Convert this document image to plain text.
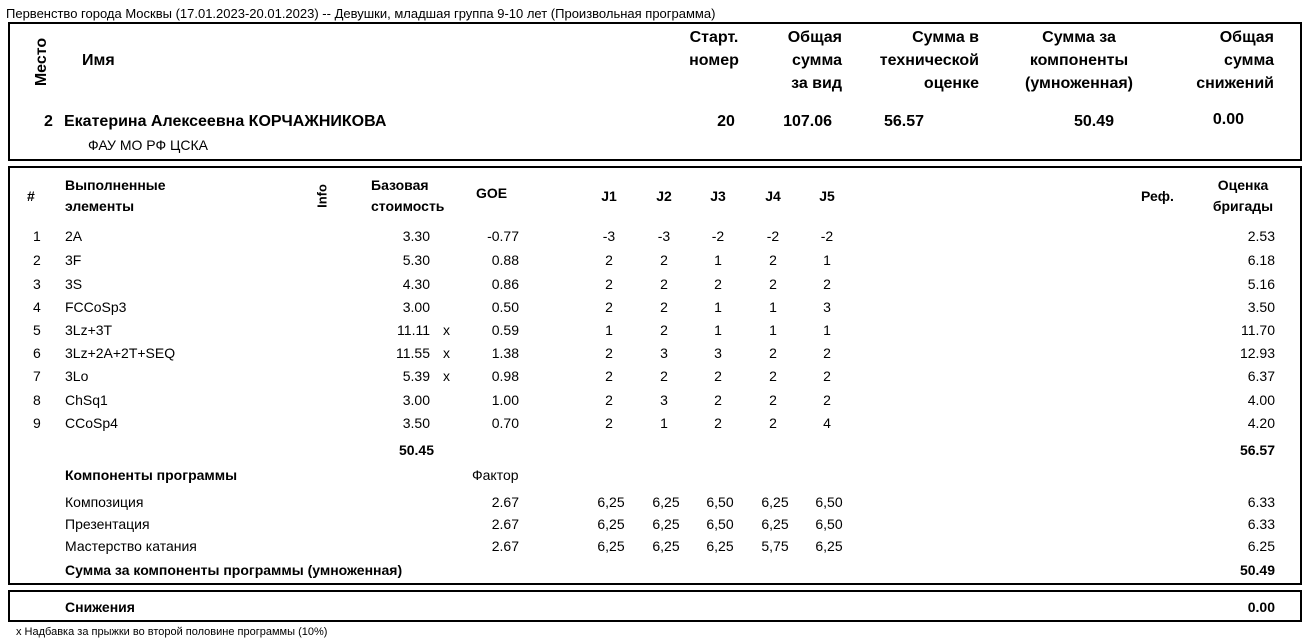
Первенство города Москвы (17.01.2023-20.01.2023) -- Девушки, младшая группа 9-10 лет (Произвольная программа)
Место Имя
Старт.
номер
Общая
сумма
за вид
Сумма в
технической
оценке
Сумма за
компоненты
(умноженная)
Общая
сумма
снижений
2 Екатерина Алексеевна КОРЧАЖНИКОВА
ФАУ МО РФ ЦСКА
20	107.06	56.57	50.49	0.00
#
Выполненные
элементы	Info	Базовая
стоимость
GOE	J1	J2	J3	J4	J5	Реф.
Оценка
бригады
1 2A	3.30	-0.77	-3	-3	-2	-2	-2	2.53
2 3F	5.30	0.88	2	2	1	2	1	6.18
3 3S	4.30	0.86	2	2	2	2	2	5.16
4 FCCoSp3	3.00	0.50	2	2	1	1	3	3.50
5 3Lz+3T	11.11 x	0.59	1	2	1	1	1	11.70
6 3Lz+2A+2T+SEQ	11.55 x	1.38	2	3	3	2	2	12.93
7 3Lo	5.39 x	0.98	2	2	2	2	2	6.37
8 ChSq1	3.00	1.00	2	3	2	2	2	4.00
9 CCoSp4	3.50	0.70	2	1	2	2	4	4.20
50.45	56.57
Компоненты программы	Фактор
Композиция	2.67	6,25 6,25 6,50 6,25 6,50	6.33
Презентация	2.67	6,25 6,25 6,50 6,25 6,50	6.33
Мастерство катания	2.67	6,25 6,25 6,25 5,75 6,25	6.25
Сумма за компоненты программы (умноженная)	50.49
Снижения	0.00
x Надбавка за прыжки во второй половине программы (10%)
